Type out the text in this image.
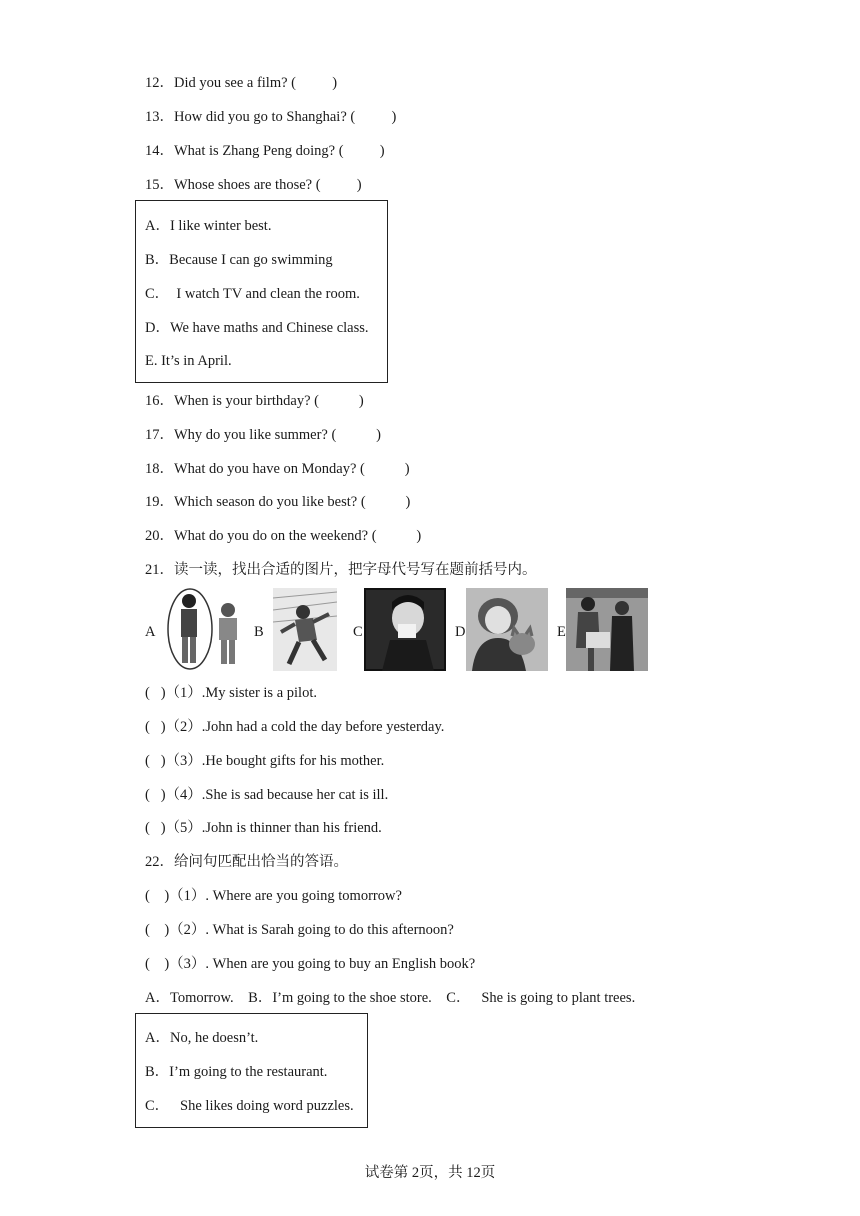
12．Did you see a film? (          )
13．How did you go to Shanghai? (          )
14．What is Zhang Peng doing? (          )
15．Whose shoes are those? (          )
A．I like winter best.
B．Because I can go swimming
C．  I watch TV and clean the room.
D．We have maths and Chinese class.
E. It’s in April.
16．When is your birthday? (           )
17．Why do you like summer? (           )
18．What do you have on Monday? (           )
19．Which season do you like best? (           )
20．What do you do on the weekend? (           )
21．读一读，找出合适的图片，把字母代号写在题前括号内。
A	B	C	D	E
(   )（1）.My sister is a pilot.
(   )（2）.John had a cold the day before yesterday.
(   )（3）.He bought gifts for his mother.
(   )（4）.She is sad because her cat is ill.
(   )（5）.John is thinner than his friend.
22．给问句匹配出恰当的答语。
(    )（1）. Where are you going tomorrow?
(    )（2）. What is Sarah going to do this afternoon?
(    )（3）. When are you going to buy an English book?
A．Tomorrow.    B．I’m going to the shoe store.    C．   She is going to plant trees.
A．No, he doesn’t.
B．I’m going to the restaurant.
C．   She likes doing word puzzles.
试卷第 2页，共 12页
